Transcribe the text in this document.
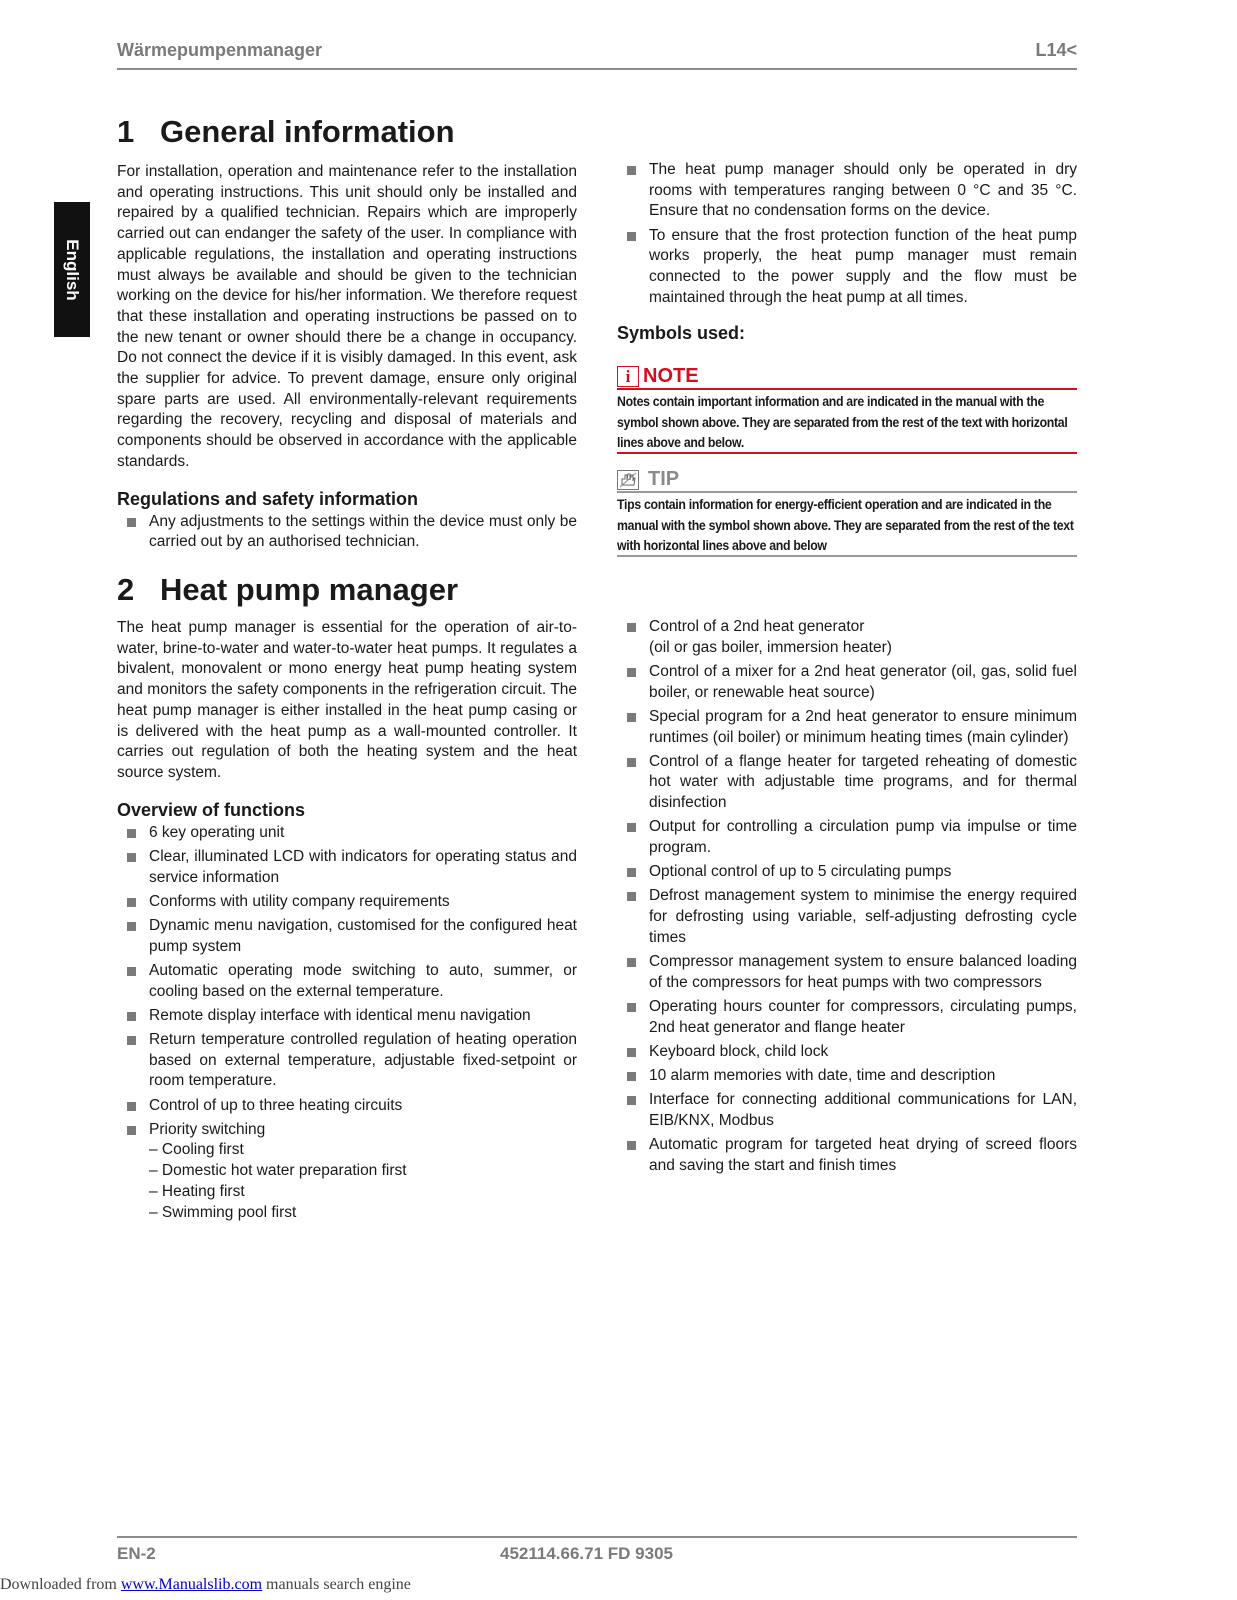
Wärmepumpenmanager	L14<
English
1 General information

For installation, operation and maintenance refer to the installation and operating instructions. This unit should only be installed and repaired by a qualified technician. Repairs which are improperly carried out can endanger the safety of the user. In compliance with applicable regulations, the installation and operating instructions must always be available and should be given to the technician working on the device for his/her information. We therefore request that these installation and operating instructions be passed on to the new tenant or owner should there be a change in occupancy. Do not connect the device if it is visibly damaged. In this event, ask the supplier for advice. To prevent damage, ensure only original spare parts are used. All environmentally-relevant requirements regarding the recovery, recycling and disposal of materials and components should be observed in accordance with the applicable standards.

Regulations and safety information
Any adjustments to the settings within the device must only be carried out by an authorised technician.
The heat pump manager should only be operated in dry rooms with temperatures ranging between 0 °C and 35 °C. Ensure that no condensation forms on the device.
To ensure that the frost protection function of the heat pump works properly, the heat pump manager must remain connected to the power supply and the flow must be maintained through the heat pump at all times.
Symbols used:
i NOTE
Notes contain important information and are indicated in the manual with the symbol shown above. They are separated from the rest of the text with horizontal lines above and below.
TIP
Tips contain information for energy-efficient operation and are indicated in the manual with the symbol shown above. They are separated from the rest of the text with horizontal lines above and below
2 Heat pump manager

The heat pump manager is essential for the operation of air-to-water, brine-to-water and water-to-water heat pumps. It regulates a bivalent, monovalent or mono energy heat pump heating system and monitors the safety components in the refrigeration circuit. The heat pump manager is either installed in the heat pump casing or is delivered with the heat pump as a wall-mounted controller. It carries out regulation of both the heating system and the heat source system.

Overview of functions
6 key operating unit
Clear, illuminated LCD with indicators for operating status and service information
Conforms with utility company requirements
Dynamic menu navigation, customised for the configured heat pump system
Automatic operating mode switching to auto, summer, or cooling based on the external temperature.
Remote display interface with identical menu navigation
Return temperature controlled regulation of heating operation based on external temperature, adjustable fixed-setpoint or room temperature.
Control of up to three heating circuits
Priority switching
– Cooling first
– Domestic hot water preparation first
– Heating first
– Swimming pool first
Control of a 2nd heat generator
(oil or gas boiler, immersion heater)
Control of a mixer for a 2nd heat generator (oil, gas, solid fuel boiler, or renewable heat source)
Special program for a 2nd heat generator to ensure minimum runtimes (oil boiler) or minimum heating times (main cylinder)
Control of a flange heater for targeted reheating of domestic hot water with adjustable time programs, and for thermal disinfection
Output for controlling a circulation pump via impulse or time program.
Optional control of up to 5 circulating pumps
Defrost management system to minimise the energy required for defrosting using variable, self-adjusting defrosting cycle times
Compressor management system to ensure balanced loading of the compressors for heat pumps with two compressors
Operating hours counter for compressors, circulating pumps, 2nd heat generator and flange heater
Keyboard block, child lock
10 alarm memories with date, time and description
Interface for connecting additional communications for LAN, EIB/KNX, Modbus
Automatic program for targeted heat drying of screed floors and saving the start and finish times
EN-2	452114.66.71 FD 9305
Downloaded from www.Manualslib.com manuals search engine
